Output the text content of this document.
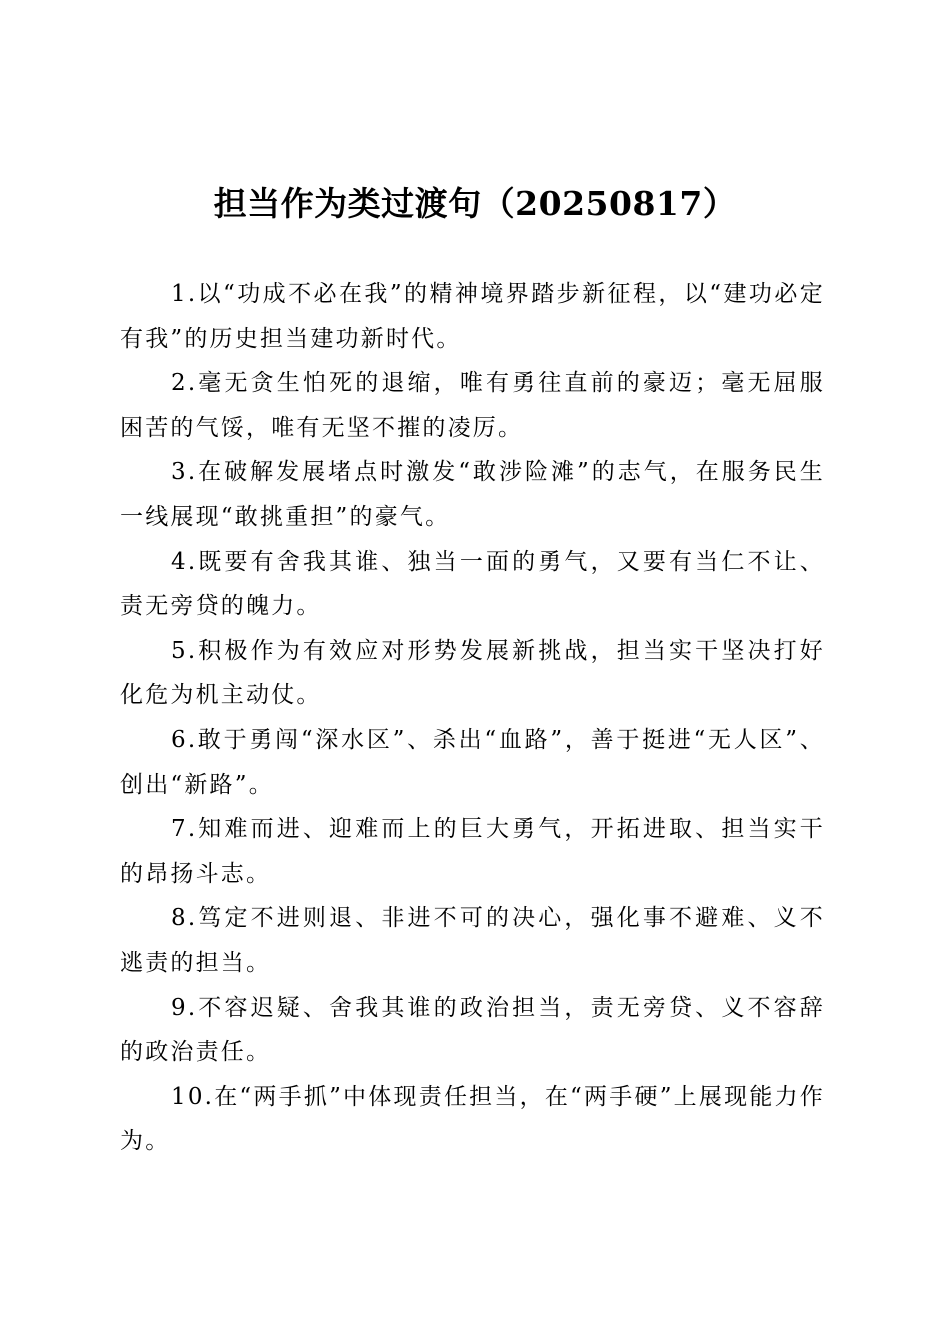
担当作为类过渡句（20250817）
1.以“功成不必在我”的精神境界踏步新征程，以“建功必定有我”的历史担当建功新时代。
2.毫无贪生怕死的退缩，唯有勇往直前的豪迈；毫无屈服困苦的气馁，唯有无坚不摧的凌厉。
3.在破解发展堵点时激发“敢涉险滩”的志气，在服务民生一线展现“敢挑重担”的豪气。
4.既要有舍我其谁、独当一面的勇气，又要有当仁不让、责无旁贷的魄力。
5.积极作为有效应对形势发展新挑战，担当实干坚决打好化危为机主动仗。
6.敢于勇闯“深水区”、杀出“血路”，善于挺进“无人区”、创出“新路”。
7.知难而进、迎难而上的巨大勇气，开拓进取、担当实干的昂扬斗志。
8.笃定不进则退、非进不可的决心，强化事不避难、义不逃责的担当。
9.不容迟疑、舍我其谁的政治担当，责无旁贷、义不容辞的政治责任。
10.在“两手抓”中体现责任担当，在“两手硬”上展现能力作为。
